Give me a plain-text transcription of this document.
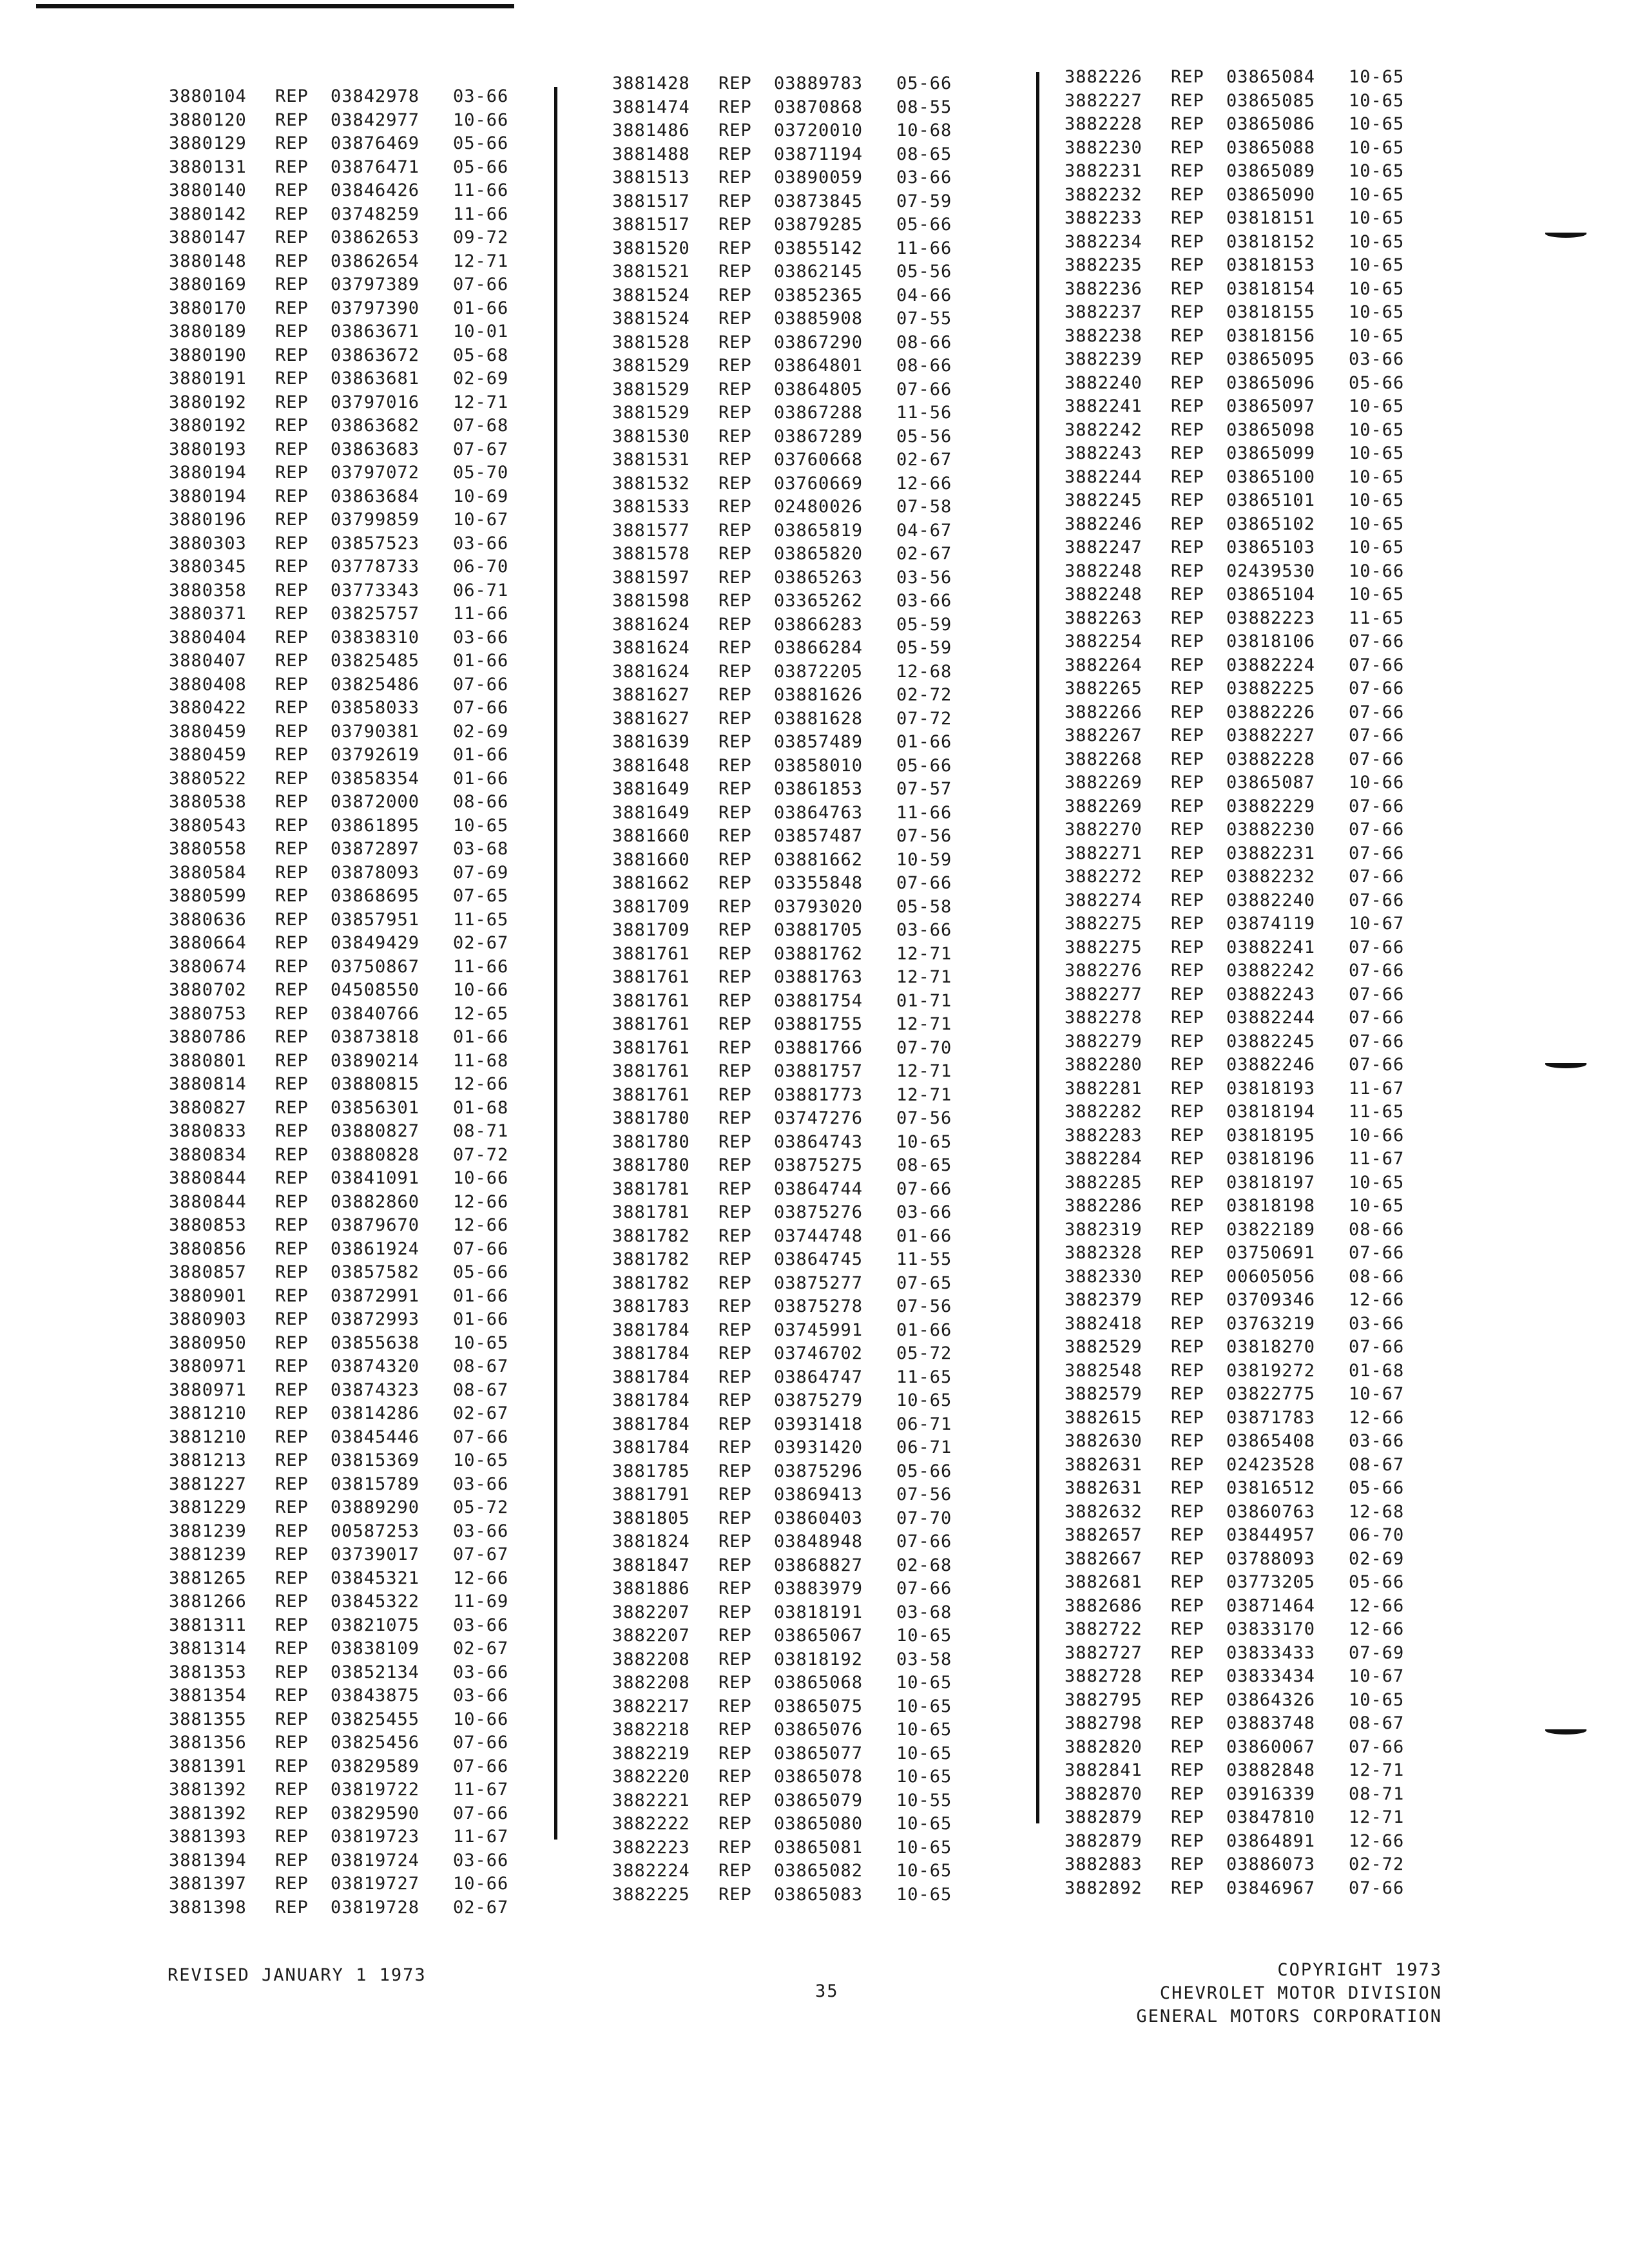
3880104	REP	03842978	03-66
3880120	REP	03842977	10-66
3880129	REP	03876469	05-66
3880131	REP	03876471	05-66
3880140	REP	03846426	11-66
3880142	REP	03748259	11-66
3880147	REP	03862653	09-72
3880148	REP	03862654	12-71
3880169	REP	03797389	07-66
3880170	REP	03797390	01-66
3880189	REP	03863671	10-01
3880190	REP	03863672	05-68
3880191	REP	03863681	02-69
3880192	REP	03797016	12-71
3880192	REP	03863682	07-68
3880193	REP	03863683	07-67
3880194	REP	03797072	05-70
3880194	REP	03863684	10-69
3880196	REP	03799859	10-67
3880303	REP	03857523	03-66
3880345	REP	03778733	06-70
3880358	REP	03773343	06-71
3880371	REP	03825757	11-66
3880404	REP	03838310	03-66
3880407	REP	03825485	01-66
3880408	REP	03825486	07-66
3880422	REP	03858033	07-66
3880459	REP	03790381	02-69
3880459	REP	03792619	01-66
3880522	REP	03858354	01-66
3880538	REP	03872000	08-66
3880543	REP	03861895	10-65
3880558	REP	03872897	03-68
3880584	REP	03878093	07-69
3880599	REP	03868695	07-65
3880636	REP	03857951	11-65
3880664	REP	03849429	02-67
3880674	REP	03750867	11-66
3880702	REP	04508550	10-66
3880753	REP	03840766	12-65
3880786	REP	03873818	01-66
3880801	REP	03890214	11-68
3880814	REP	03880815	12-66
3880827	REP	03856301	01-68
3880833	REP	03880827	08-71
3880834	REP	03880828	07-72
3880844	REP	03841091	10-66
3880844	REP	03882860	12-66
3880853	REP	03879670	12-66
3880856	REP	03861924	07-66
3880857	REP	03857582	05-66
3880901	REP	03872991	01-66
3880903	REP	03872993	01-66
3880950	REP	03855638	10-65
3880971	REP	03874320	08-67
3880971	REP	03874323	08-67
3881210	REP	03814286	02-67
3881210	REP	03845446	07-66
3881213	REP	03815369	10-65
3881227	REP	03815789	03-66
3881229	REP	03889290	05-72
3881239	REP	00587253	03-66
3881239	REP	03739017	07-67
3881265	REP	03845321	12-66
3881266	REP	03845322	11-69
3881311	REP	03821075	03-66
3881314	REP	03838109	02-67
3881353	REP	03852134	03-66
3881354	REP	03843875	03-66
3881355	REP	03825455	10-66
3881356	REP	03825456	07-66
3881391	REP	03829589	07-66
3881392	REP	03819722	11-67
3881392	REP	03829590	07-66
3881393	REP	03819723	11-67
3881394	REP	03819724	03-66
3881397	REP	03819727	10-66
3881398	REP	03819728	02-67
3881428	REP	03889783	05-66
3881474	REP	03870868	08-55
3881486	REP	03720010	10-68
3881488	REP	03871194	08-65
3881513	REP	03890059	03-66
3881517	REP	03873845	07-59
3881517	REP	03879285	05-66
3881520	REP	03855142	11-66
3881521	REP	03862145	05-56
3881524	REP	03852365	04-66
3881524	REP	03885908	07-55
3881528	REP	03867290	08-66
3881529	REP	03864801	08-66
3881529	REP	03864805	07-66
3881529	REP	03867288	11-56
3881530	REP	03867289	05-56
3881531	REP	03760668	02-67
3881532	REP	03760669	12-66
3881533	REP	02480026	07-58
3881577	REP	03865819	04-67
3881578	REP	03865820	02-67
3881597	REP	03865263	03-56
3881598	REP	03365262	03-66
3881624	REP	03866283	05-59
3881624	REP	03866284	05-59
3881624	REP	03872205	12-68
3881627	REP	03881626	02-72
3881627	REP	03881628	07-72
3881639	REP	03857489	01-66
3881648	REP	03858010	05-66
3881649	REP	03861853	07-57
3881649	REP	03864763	11-66
3881660	REP	03857487	07-56
3881660	REP	03881662	10-59
3881662	REP	03355848	07-66
3881709	REP	03793020	05-58
3881709	REP	03881705	03-66
3881761	REP	03881762	12-71
3881761	REP	03881763	12-71
3881761	REP	03881754	01-71
3881761	REP	03881755	12-71
3881761	REP	03881766	07-70
3881761	REP	03881757	12-71
3881761	REP	03881773	12-71
3881780	REP	03747276	07-56
3881780	REP	03864743	10-65
3881780	REP	03875275	08-65
3881781	REP	03864744	07-66
3881781	REP	03875276	03-66
3881782	REP	03744748	01-66
3881782	REP	03864745	11-55
3881782	REP	03875277	07-65
3881783	REP	03875278	07-56
3881784	REP	03745991	01-66
3881784	REP	03746702	05-72
3881784	REP	03864747	11-65
3881784	REP	03875279	10-65
3881784	REP	03931418	06-71
3881784	REP	03931420	06-71
3881785	REP	03875296	05-66
3881791	REP	03869413	07-56
3881805	REP	03860403	07-70
3881824	REP	03848948	07-66
3881847	REP	03868827	02-68
3881886	REP	03883979	07-66
3882207	REP	03818191	03-68
3882207	REP	03865067	10-65
3882208	REP	03818192	03-58
3882208	REP	03865068	10-65
3882217	REP	03865075	10-65
3882218	REP	03865076	10-65
3882219	REP	03865077	10-65
3882220	REP	03865078	10-65
3882221	REP	03865079	10-55
3882222	REP	03865080	10-65
3882223	REP	03865081	10-65
3882224	REP	03865082	10-65
3882225	REP	03865083	10-65
3882226	REP	03865084	10-65
3882227	REP	03865085	10-65
3882228	REP	03865086	10-65
3882230	REP	03865088	10-65
3882231	REP	03865089	10-65
3882232	REP	03865090	10-65
3882233	REP	03818151	10-65
3882234	REP	03818152	10-65
3882235	REP	03818153	10-65
3882236	REP	03818154	10-65
3882237	REP	03818155	10-65
3882238	REP	03818156	10-65
3882239	REP	03865095	03-66
3882240	REP	03865096	05-66
3882241	REP	03865097	10-65
3882242	REP	03865098	10-65
3882243	REP	03865099	10-65
3882244	REP	03865100	10-65
3882245	REP	03865101	10-65
3882246	REP	03865102	10-65
3882247	REP	03865103	10-65
3882248	REP	02439530	10-66
3882248	REP	03865104	10-65
3882263	REP	03882223	11-65
3882254	REP	03818106	07-66
3882264	REP	03882224	07-66
3882265	REP	03882225	07-66
3882266	REP	03882226	07-66
3882267	REP	03882227	07-66
3882268	REP	03882228	07-66
3882269	REP	03865087	10-66
3882269	REP	03882229	07-66
3882270	REP	03882230	07-66
3882271	REP	03882231	07-66
3882272	REP	03882232	07-66
3882274	REP	03882240	07-66
3882275	REP	03874119	10-67
3882275	REP	03882241	07-66
3882276	REP	03882242	07-66
3882277	REP	03882243	07-66
3882278	REP	03882244	07-66
3882279	REP	03882245	07-66
3882280	REP	03882246	07-66
3882281	REP	03818193	11-67
3882282	REP	03818194	11-65
3882283	REP	03818195	10-66
3882284	REP	03818196	11-67
3882285	REP	03818197	10-65
3882286	REP	03818198	10-65
3882319	REP	03822189	08-66
3882328	REP	03750691	07-66
3882330	REP	00605056	08-66
3882379	REP	03709346	12-66
3882418	REP	03763219	03-66
3882529	REP	03818270	07-66
3882548	REP	03819272	01-68
3882579	REP	03822775	10-67
3882615	REP	03871783	12-66
3882630	REP	03865408	03-66
3882631	REP	02423528	08-67
3882631	REP	03816512	05-66
3882632	REP	03860763	12-68
3882657	REP	03844957	06-70
3882667	REP	03788093	02-69
3882681	REP	03773205	05-66
3882686	REP	03871464	12-66
3882722	REP	03833170	12-66
3882727	REP	03833433	07-69
3882728	REP	03833434	10-67
3882795	REP	03864326	10-65
3882798	REP	03883748	08-67
3882820	REP	03860067	07-66
3882841	REP	03882848	12-71
3882870	REP	03916339	08-71
3882879	REP	03847810	12-71
3882879	REP	03864891	12-66
3882883	REP	03886073	02-72
3882892	REP	03846967	07-66
REVISED JANUARY 1 1973
35
COPYRIGHT 1973
CHEVROLET MOTOR DIVISION
GENERAL MOTORS CORPORATION
